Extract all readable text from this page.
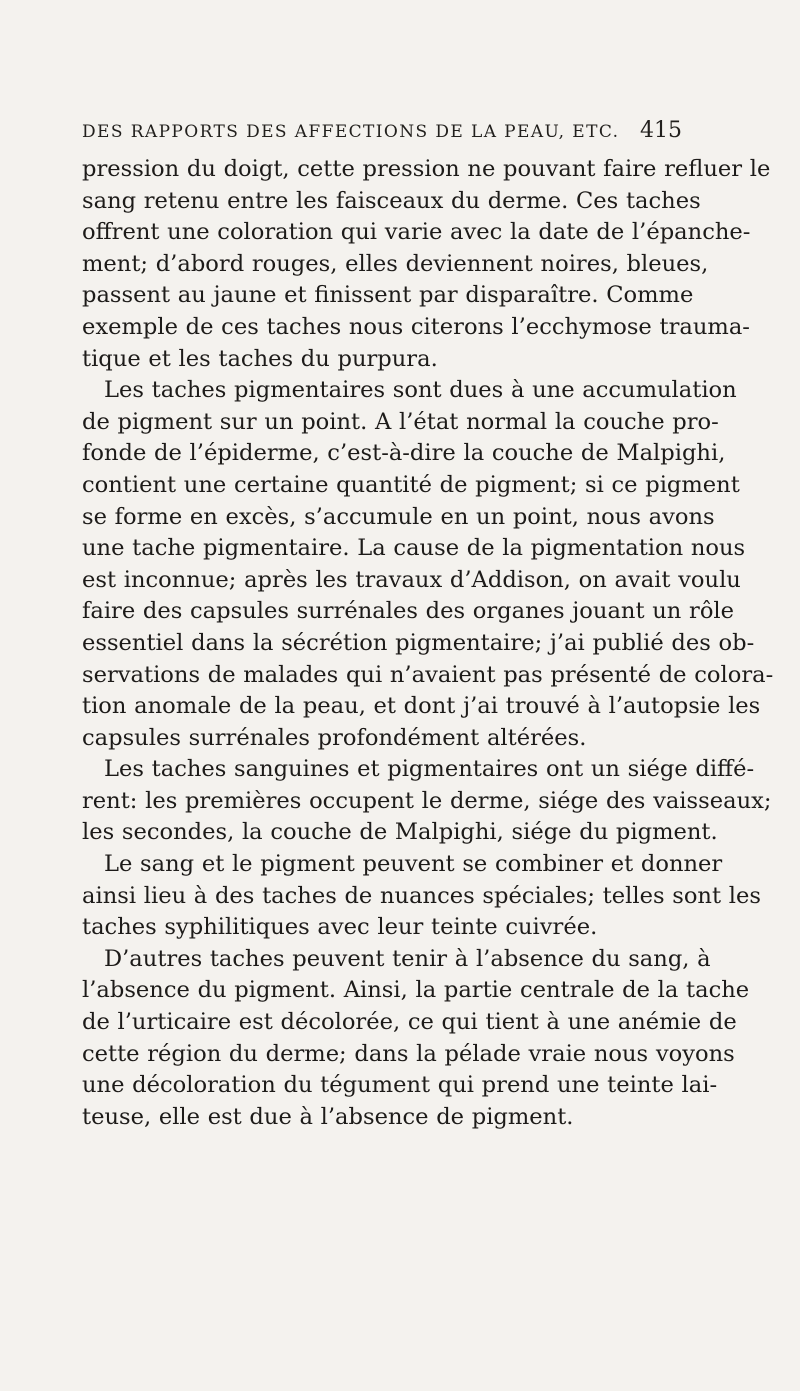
DES RAPPORTS DES AFFECTIONS DE LA PEAU, ETC. 415

pression du doigt, cette pression ne pouvant faire refluer le
sang retenu entre les faisceaux du derme. Ces taches
offrent une coloration qui varie avec la date de l’épanche-
ment; d’abord rouges, elles deviennent noires, bleues,
passent au jaune et finissent par disparaître. Comme
exemple de ces taches nous citerons l’ecchymose trauma-
tique et les taches du purpura.

Les taches pigmentaires sont dues à une accumulation
de pigment sur un point. A l’état normal la couche pro-
fonde de l’épiderme, c’est-à-dire la couche de Malpighi,
contient une certaine quantité de pigment; si ce pigment
se forme en excès, s’accumule en un point, nous avons
une tache pigmentaire. La cause de la pigmentation nous
est inconnue; après les travaux d’Addison, on avait voulu
faire des capsules surrénales des organes jouant un rôle
essentiel dans la sécrétion pigmentaire; j’ai publié des ob-
servations de malades qui n’avaient pas présenté de colora-
tion anomale de la peau, et dont j’ai trouvé à l’autopsie les
capsules surrénales profondément altérées.

Les taches sanguines et pigmentaires ont un siége diffé-
rent: les premières occupent le derme, siége des vaisseaux;
les secondes, la couche de Malpighi, siége du pigment.

Le sang et le pigment peuvent se combiner et donner
ainsi lieu à des taches de nuances spéciales; telles sont les
taches syphilitiques avec leur teinte cuivrée.

D’autres taches peuvent tenir à l’absence du sang, à
l’absence du pigment. Ainsi, la partie centrale de la tache
de l’urticaire est décolorée, ce qui tient à une anémie de
cette région du derme; dans la pélade vraie nous voyons
une décoloration du tégument qui prend une teinte lai-
teuse, elle est due à l’absence de pigment.
